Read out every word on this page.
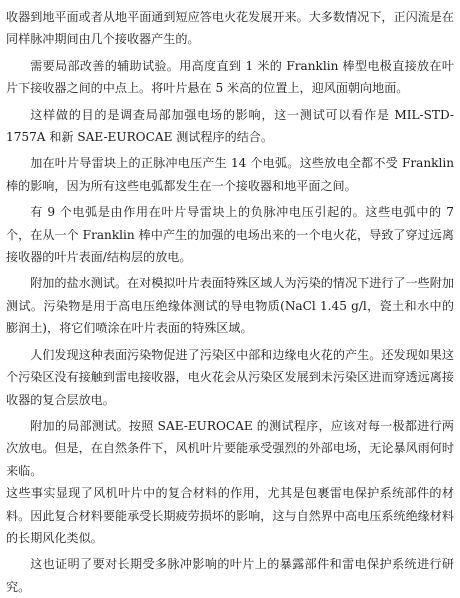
收器到地平面或者从地平面通到短应答电火花发展开来。大多数情况下，正闪流是在同样脉冲期间由几个接收器产生的。

需要局部改善的辅助试验。用高度直到 1 米的 Franklin 棒型电极直接放在叶片下接收器之间的中点上。将叶片悬在 5 米高的位置上，迎风面朝向地面。

这样做的目的是调查局部加强电场的影响，这一测试可以看作是 MIL-STD-1757A 和新 SAE-EUROCAE 测试程序的结合。

加在叶片导雷块上的正脉冲电压产生 14 个电弧。这些放电全都不受 Franklin 棒的影响，因为所有这些电弧都发生在一个接收器和地平面之间。

有 9 个电弧是由作用在叶片导雷块上的负脉冲电压引起的。这些电弧中的 7 个，在从一个 Franklin 棒中产生的加强的电场出来的一个电火花，导致了穿过远离接收器的叶片表面/结构层的放电。

附加的盐水测试。在对模拟叶片表面特殊区域人为污染的情况下进行了一些附加测试。污染物是用于高电压绝缘体测试的导电物质(NaCl 1.45 g/l，瓷土和水中的膨润土)，将它们喷涂在叶片表面的特殊区域。

人们发现这种表面污染物促进了污染区中部和边缘电火花的产生。还发现如果这个污染区没有接触到雷电接收器，电火花会从污染区发展到未污染区进而穿透远离接收器的复合层放电。

附加的局部测试。按照 SAE-EUROCAE 的测试程序，应该对每一极都进行两次放电。但是，在自然条件下，风机叶片要能承受强烈的外部电场，无论暴风雨何时来临。

这些事实显现了风机叶片中的复合材料的作用，尤其是包裹雷电保护系统部件的材料。因此复合材料要能承受长期疲劳损坏的影响，这与自然界中高电压系统绝缘材料的长期风化类似。

这也证明了要对长期受多脉冲影响的叶片上的暴露部件和雷电保护系统进行研究。
